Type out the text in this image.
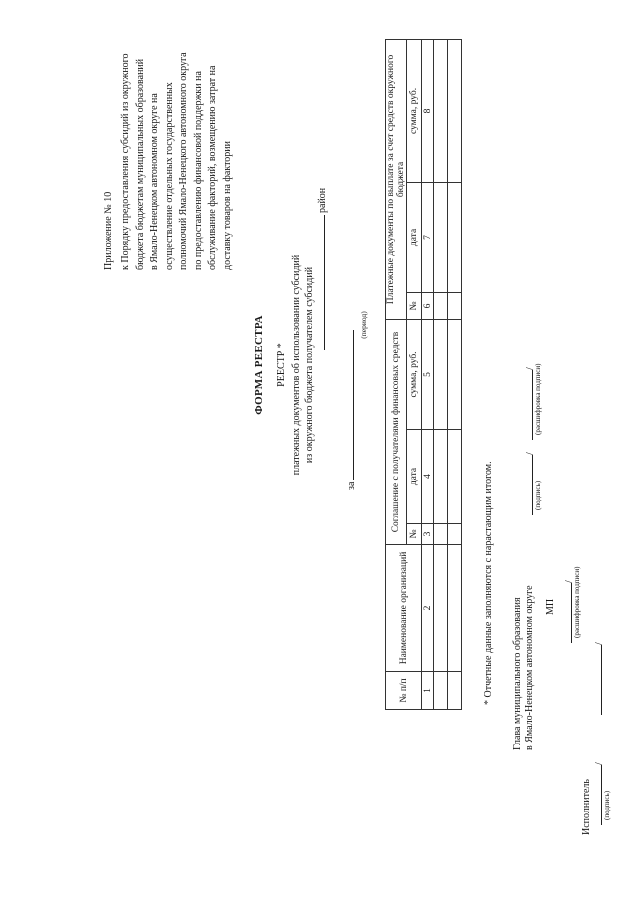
Приложение № 10 к Порядку предоставления субсидий из окружного бюджета бюджетам муниципальных образований в Ямало-Ненецком автономном округе на осуществление отдельных государственных полномочий Ямало-Ненецкого автономного округа по предоставлению финансовой поддержки на обслуживание факторий, возмещению затрат на доставку товаров на фактории

ФОРМА РЕЕСТРА РЕЕСТР * платежных документов об использовании субсидий из окружного бюджета получателем субсидий
район
за
(период)
№ п/п	Наименование организаций	Соглашение с получателями финансовых средств			Платежные документы по выплате за счет средств окружного бюджета		
		№	дата	сумма, руб.	№	дата	сумма, руб.
1	2	3	4	5	6	7	8

* Отчетные данные заполняются с нарастающим итогом. Глава муниципального образования
в Ямало-Ненецком автономном округе

/
(подпись)
/
(расшифровка подписи)
/
(расшифровка подписи)
МП
Исполнитель
/
(подпись)
/
